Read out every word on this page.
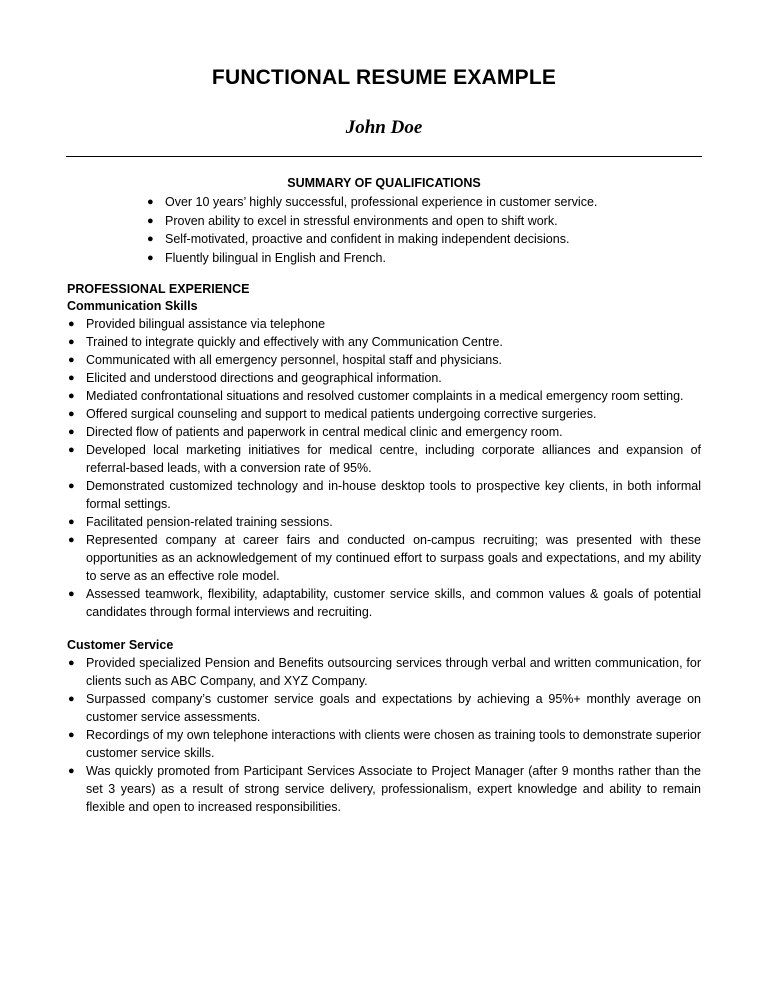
FUNCTIONAL RESUME EXAMPLE
John Doe
SUMMARY OF QUALIFICATIONS
● Over 10 years’ highly successful, professional experience in customer service.
● Proven ability to excel in stressful environments and open to shift work.
● Self-motivated, proactive and confident in making independent decisions.
● Fluently bilingual in English and French.
PROFESSIONAL EXPERIENCE
Communication Skills
● Provided bilingual assistance via telephone
● Trained to integrate quickly and effectively with any Communication Centre.
● Communicated with all emergency personnel, hospital staff and physicians.
● Elicited and understood directions and geographical information.
● Mediated confrontational situations and resolved customer complaints in a medical emergency room setting.
● Offered surgical counseling and support to medical patients undergoing corrective surgeries.
● Directed flow of patients and paperwork in central medical clinic and emergency room.
● Developed local marketing initiatives for medical centre, including corporate alliances and expansion of referral-based leads, with a conversion rate of 95%.
● Demonstrated customized technology and in-house desktop tools to prospective key clients, in both informal formal settings.
● Facilitated pension-related training sessions.
● Represented company at career fairs and conducted on-campus recruiting; was presented with these opportunities as an acknowledgement of my continued effort to surpass goals and expectations, and my ability to serve as an effective role model.
● Assessed teamwork, flexibility, adaptability, customer service skills, and common values & goals of potential candidates through formal interviews and recruiting.
Customer Service
● Provided specialized Pension and Benefits outsourcing services through verbal and written communication, for clients such as ABC Company, and XYZ Company.
● Surpassed company’s customer service goals and expectations by achieving a 95%+ monthly average on customer service assessments.
● Recordings of my own telephone interactions with clients were chosen as training tools to demonstrate superior customer service skills.
● Was quickly promoted from Participant Services Associate to Project Manager (after 9 months rather than the set 3 years) as a result of strong service delivery, professionalism, expert knowledge and ability to remain flexible and open to increased responsibilities.
